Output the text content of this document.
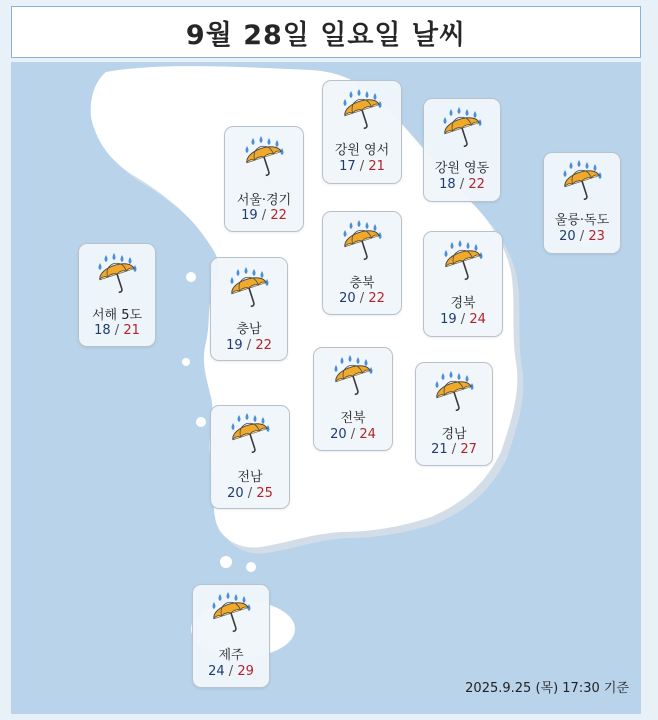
9월 28일 일요일 날씨
서해 5도
18 / 21
서울·경기
19 / 22
강원 영서
17 / 21	강원 영동
18 / 22
울릉·독도
20 / 23
충남
19 / 22
충북
20 / 22	경북
19 / 24
전북
20 / 24	경남
21 / 27
전남
20 / 25
제주
24 / 29
2025.9.25 (목) 17:30 기준
